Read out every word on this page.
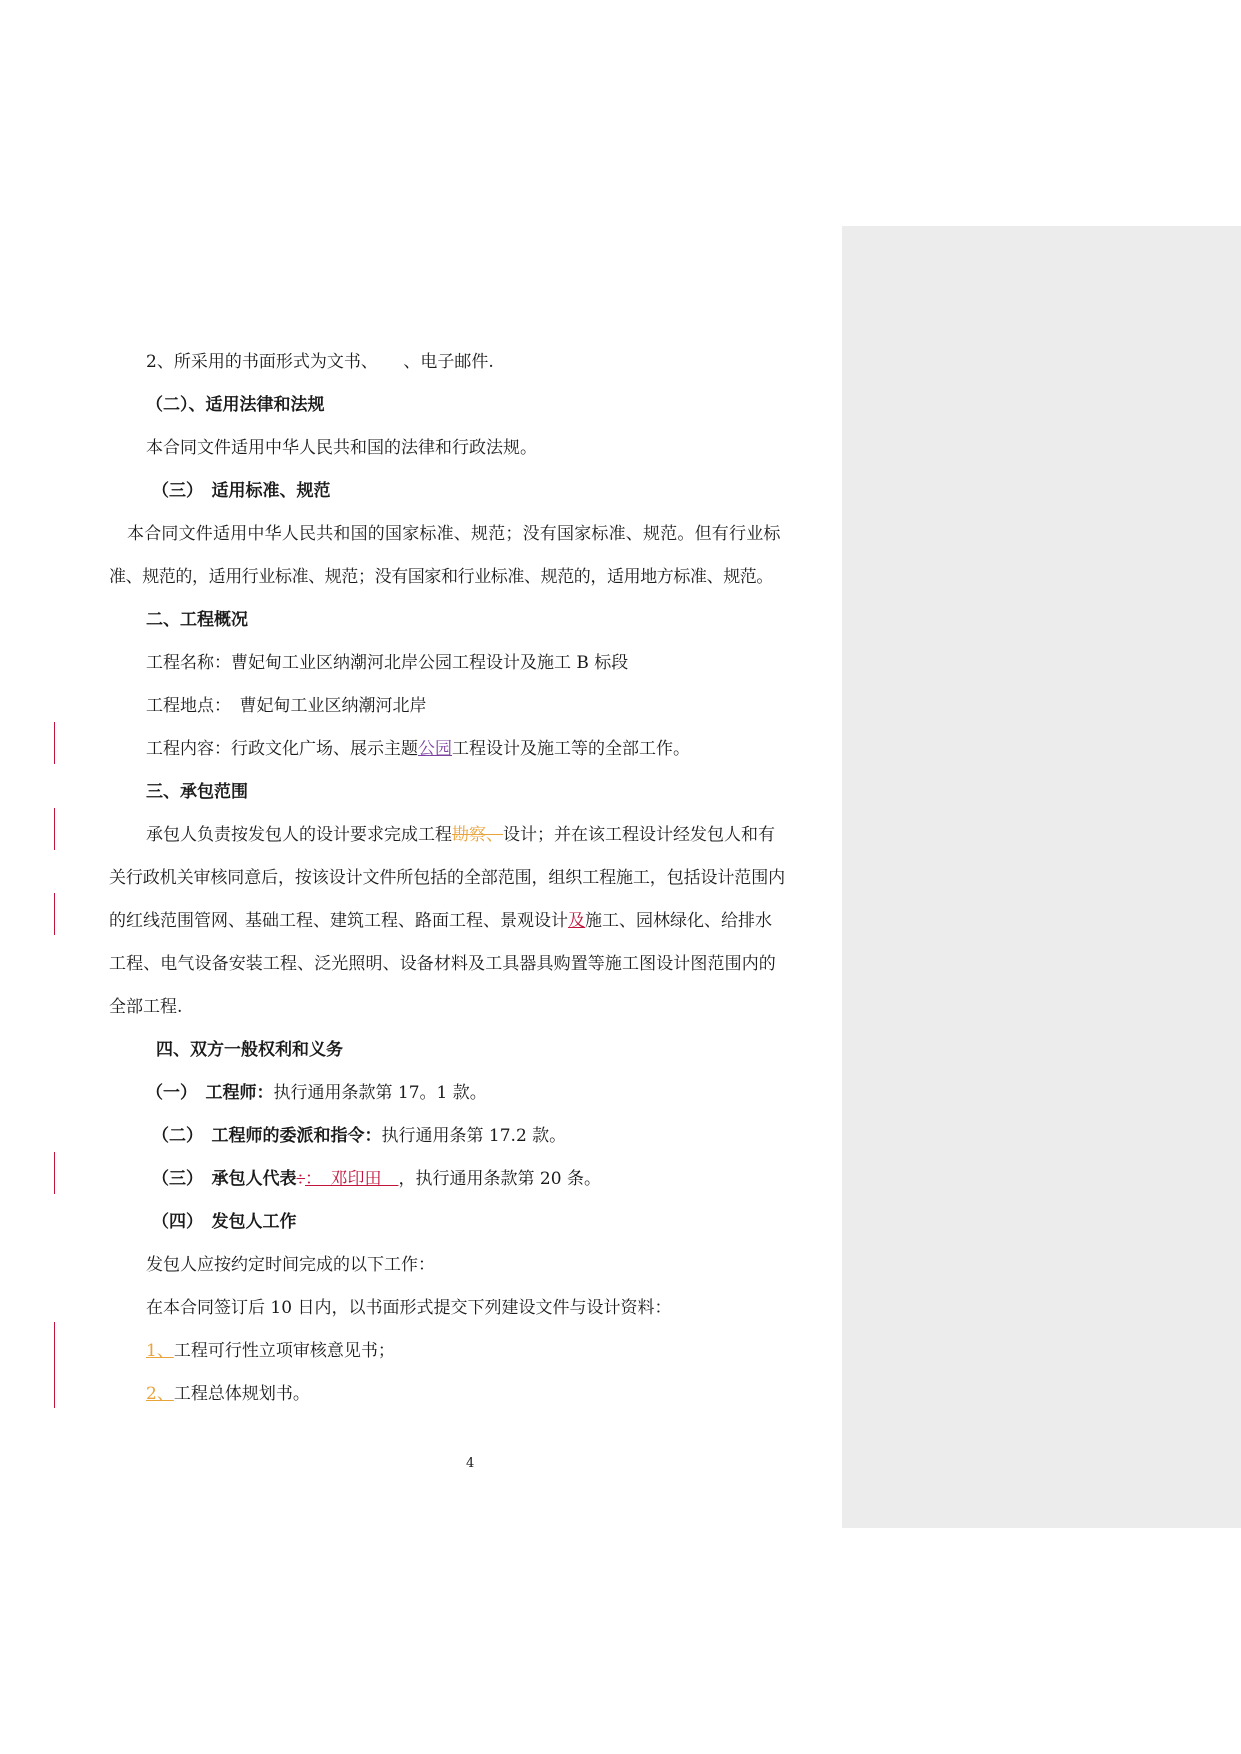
2、所采用的书面形式为文书、　　、电子邮件.
（二）、适用法律和法规
本合同文件适用中华人民共和国的法律和行政法规。
（三）　适用标准、规范
本合同文件适用中华人民共和国的国家标准、规范；没有国家标准、规范。但有行业标
准、规范的，适用行业标准、规范；没有国家和行业标准、规范的，适用地方标准、规范。
二、工程概况
工程名称：曹妃甸工业区纳潮河北岸公园工程设计及施工 B 标段
工程地点：　曹妃甸工业区纳潮河北岸
工程内容：行政文化广场、展示主题公园工程设计及施工等的全部工作。
三、承包范围
承包人负责按发包人的设计要求完成工程勘察、设计；并在该工程设计经发包人和有
关行政机关审核同意后，按该设计文件所包括的全部范围，组织工程施工，包括设计范围内
的红线范围管网、基础工程、建筑工程、路面工程、景观设计及施工、园林绿化、给排水
工程、电气设备安装工程、泛光照明、设备材料及工具器具购置等施工图设计图范围内的
全部工程.
四、双方一般权利和义务
（一）　工程师：执行通用条款第 17。1 款。
（二）　工程师的委派和指令：执行通用条第 17.2 款。
（三）　承包人代表：：　邓印田　，执行通用条款第 20 条。
（四）　发包人工作
发包人应按约定时间完成的以下工作：
在本合同签订后 10 日内，以书面形式提交下列建设文件与设计资料：
1、工程可行性立项审核意见书；
2、工程总体规划书。
4
